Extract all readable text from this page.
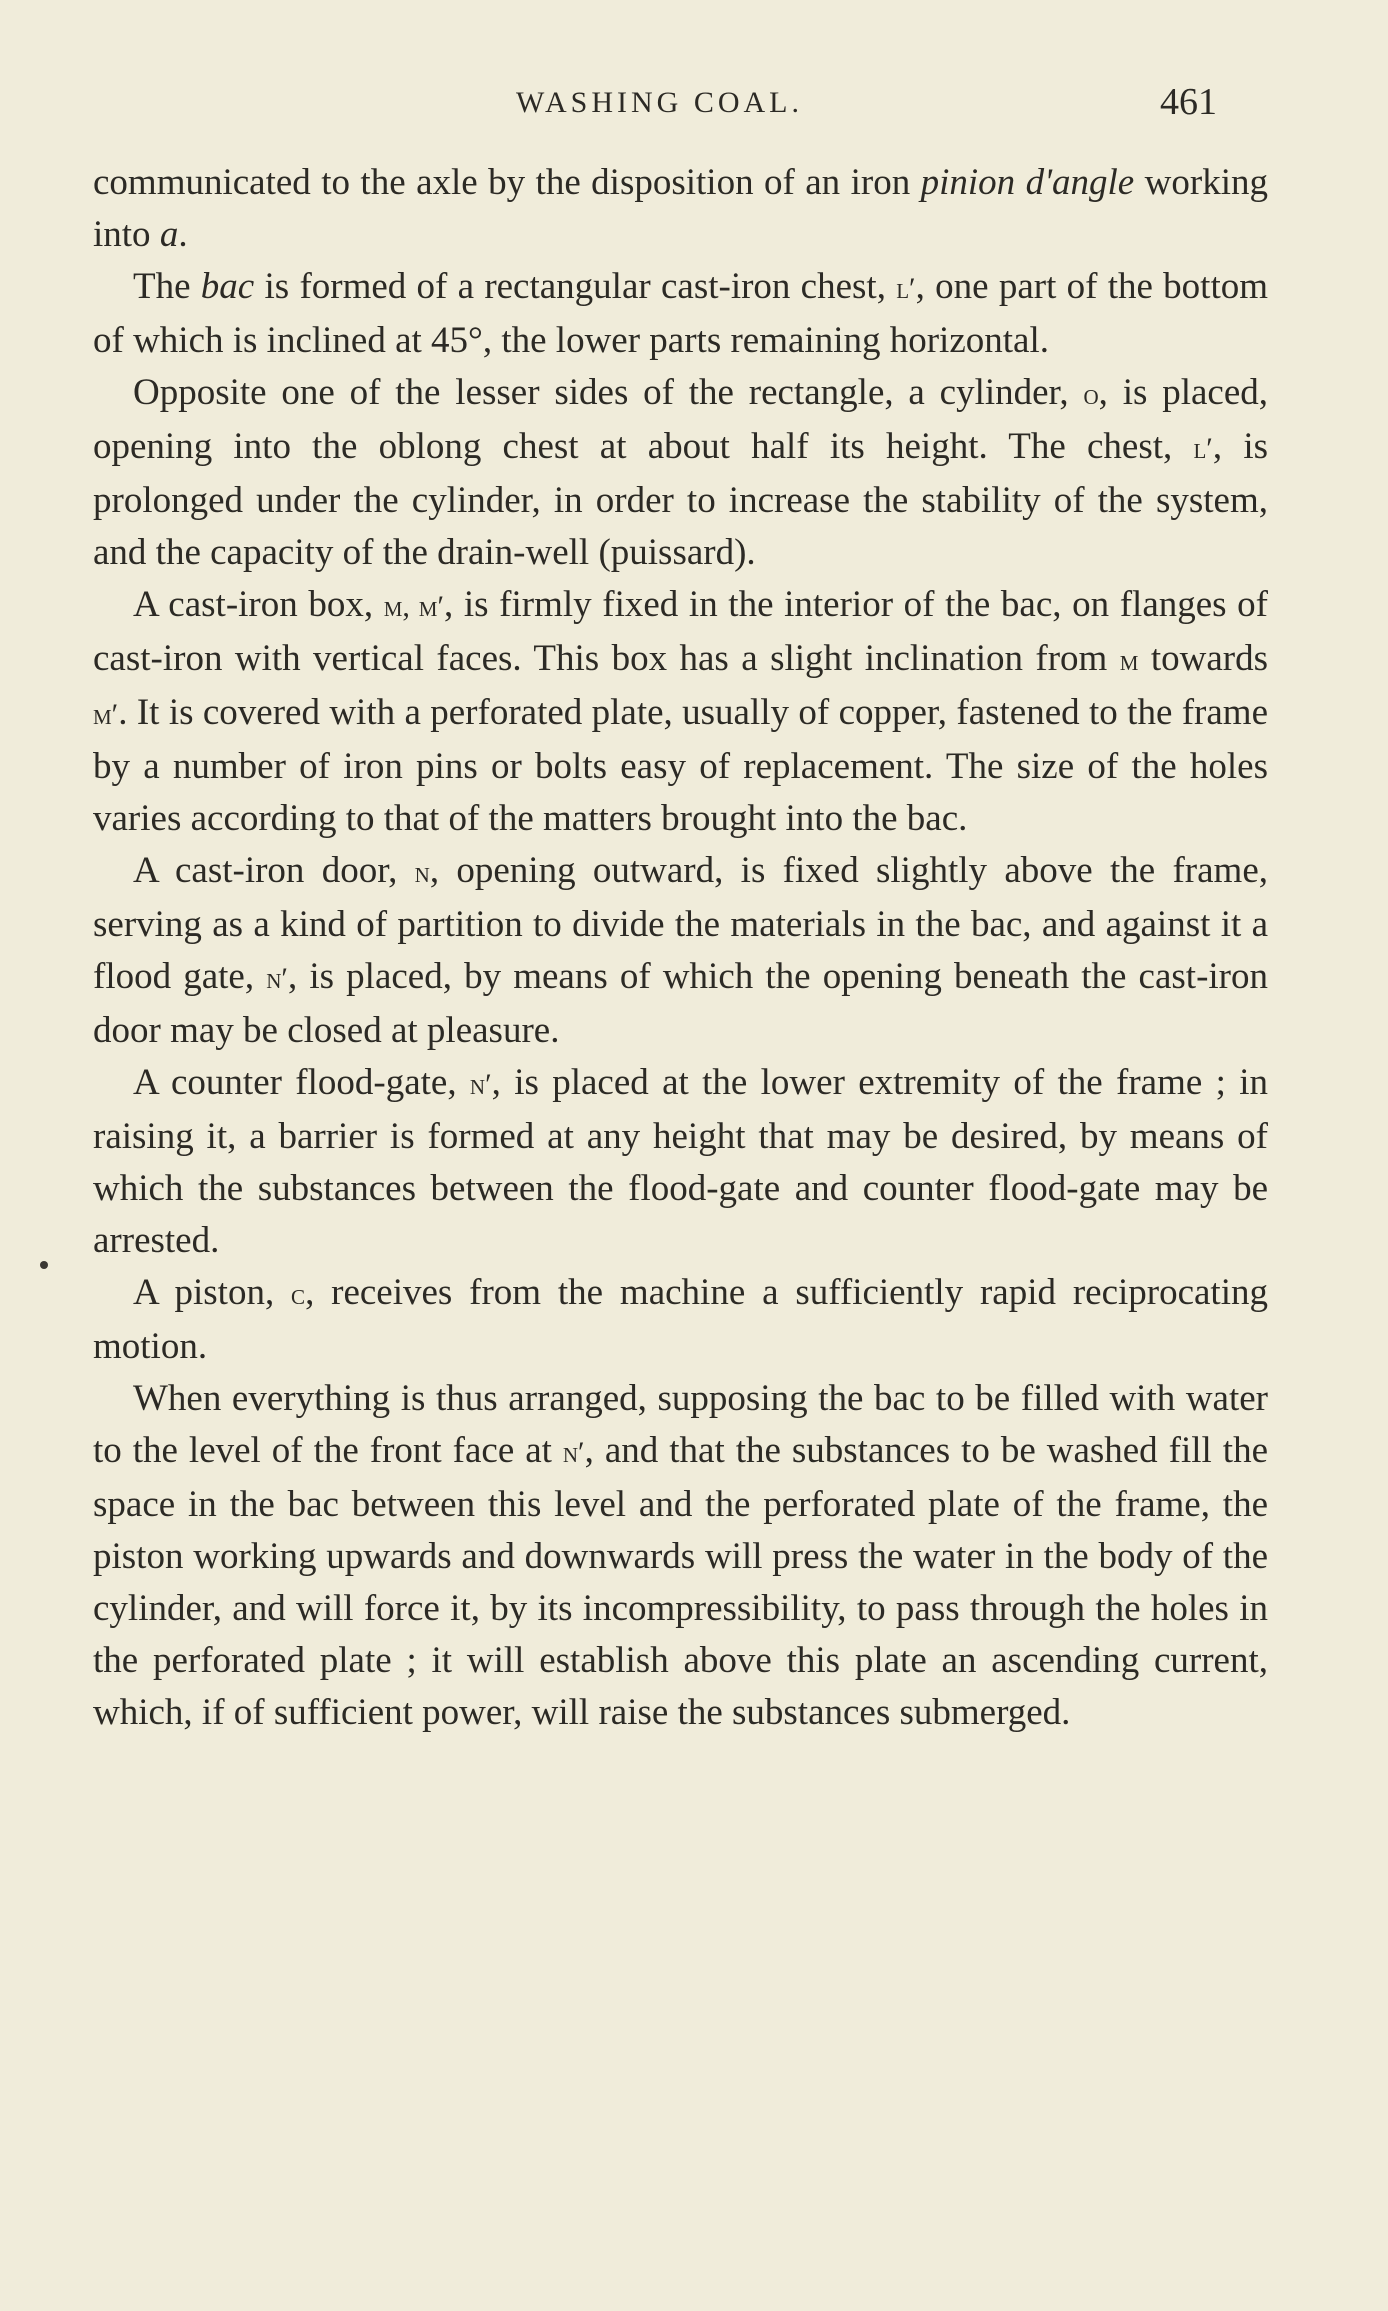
WASHING COAL.	461

communicated to the axle by the disposition of an iron pinion d'angle working into a.

The bac is formed of a rectangular cast-iron chest, l′, one part of the bottom of which is inclined at 45°, the lower parts remaining horizontal.

Opposite one of the lesser sides of the rectangle, a cylinder, o, is placed, opening into the oblong chest at about half its height. The chest, l′, is prolonged under the cylinder, in order to increase the stability of the system, and the capacity of the drain-well (puissard).

A cast-iron box, m, m′, is firmly fixed in the interior of the bac, on flanges of cast-iron with vertical faces. This box has a slight inclination from m towards m′. It is covered with a perforated plate, usually of copper, fastened to the frame by a number of iron pins or bolts easy of replacement. The size of the holes varies according to that of the matters brought into the bac.

A cast-iron door, n, opening outward, is fixed slightly above the frame, serving as a kind of partition to divide the materials in the bac, and against it a flood gate, n′, is placed, by means of which the opening beneath the cast-iron door may be closed at pleasure.

A counter flood-gate, n′, is placed at the lower extremity of the frame ; in raising it, a barrier is formed at any height that may be desired, by means of which the substances between the flood-gate and counter flood-gate may be arrested.

A piston, c, receives from the machine a sufficiently rapid reciprocating motion.

When everything is thus arranged, supposing the bac to be filled with water to the level of the front face at n′, and that the substances to be washed fill the space in the bac between this level and the perforated plate of the frame, the piston working upwards and downwards will press the water in the body of the cylinder, and will force it, by its incompressibility, to pass through the holes in the perforated plate ; it will establish above this plate an ascending current, which, if of sufficient power, will raise the substances submerged.
